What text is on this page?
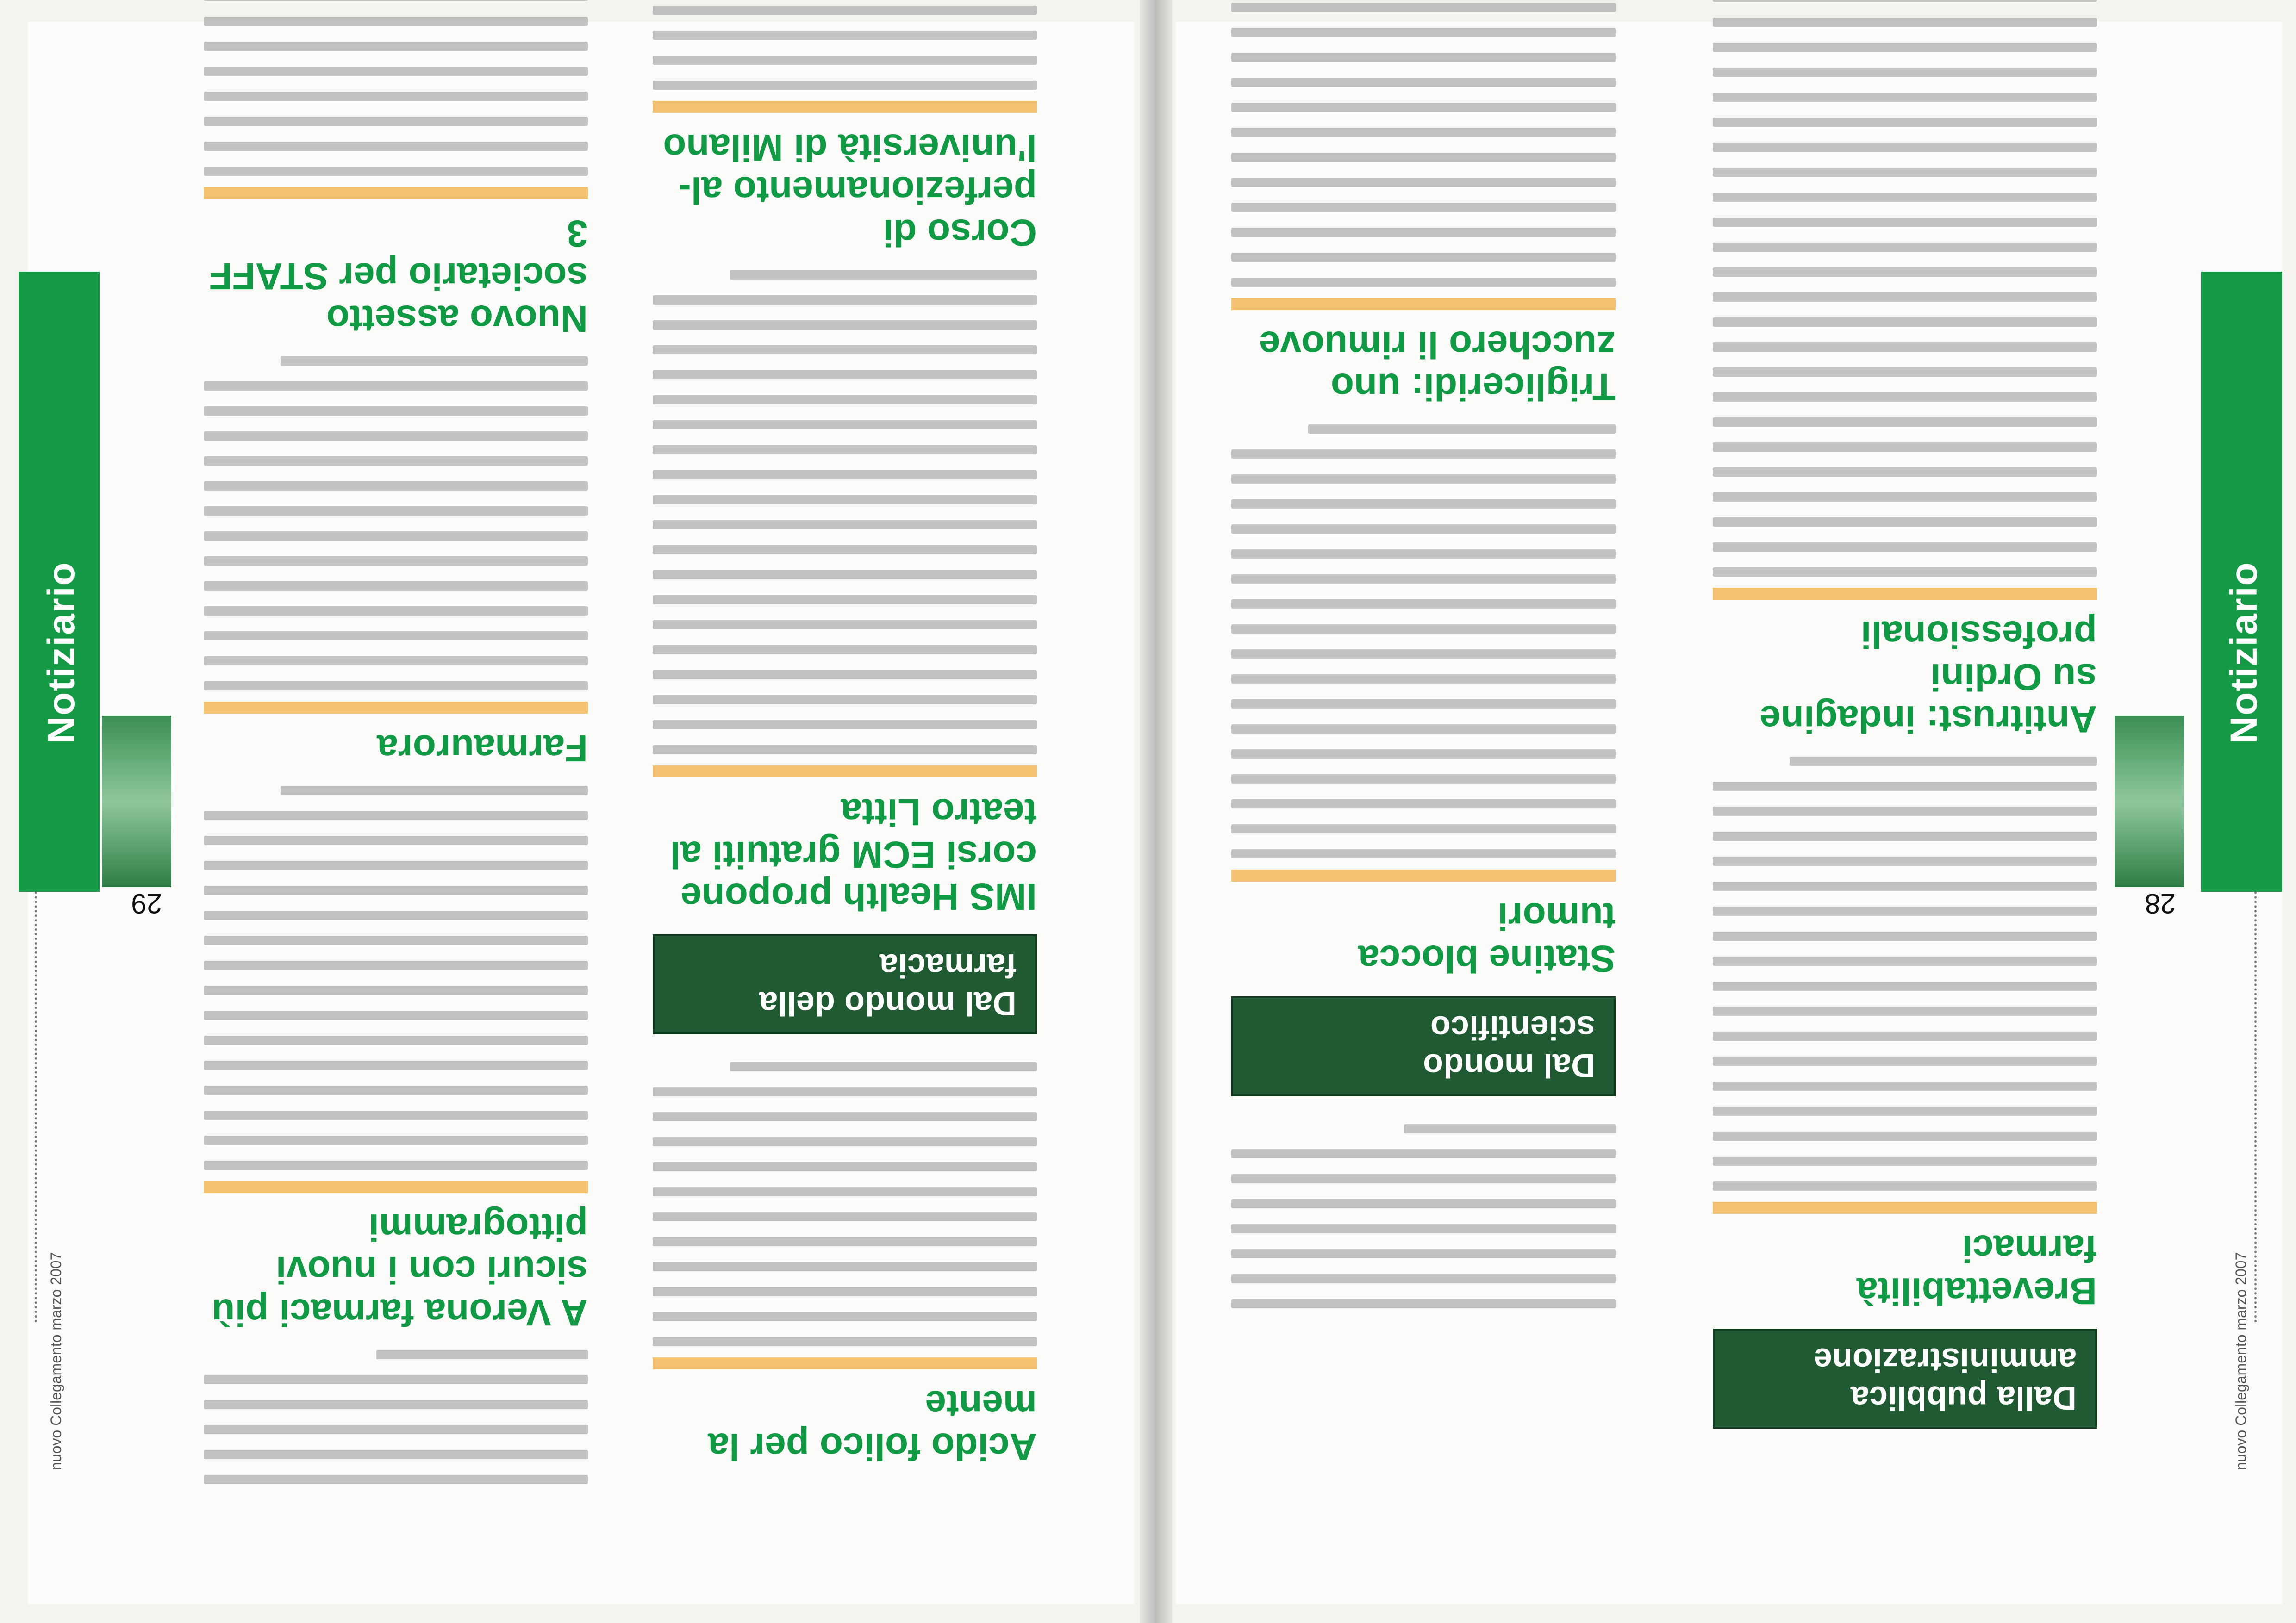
nuovo Collegamento marzo 2007
Notiziario
28
Dalla pubblica amministrazione
Brevettabilità farmaci
Antitrust: indagine su Ordini professionali
Dal mondo scientifico
Statine blocca tumori
Trigliceridi: uno zucchero li rimuove
nuovo Collegamento marzo 2007
Notiziario
29
Acido folico per la mente
Dal mondo della farmacia
IMS Health propone corsi ECM gratuiti al teatro Litta
Corso di perfezionamento al- l'università di Milano
A Verona farmaci più sicuri con i nuovi pittogrammi
Farmaurora
Nuovo assetto societario per STAFF 3
